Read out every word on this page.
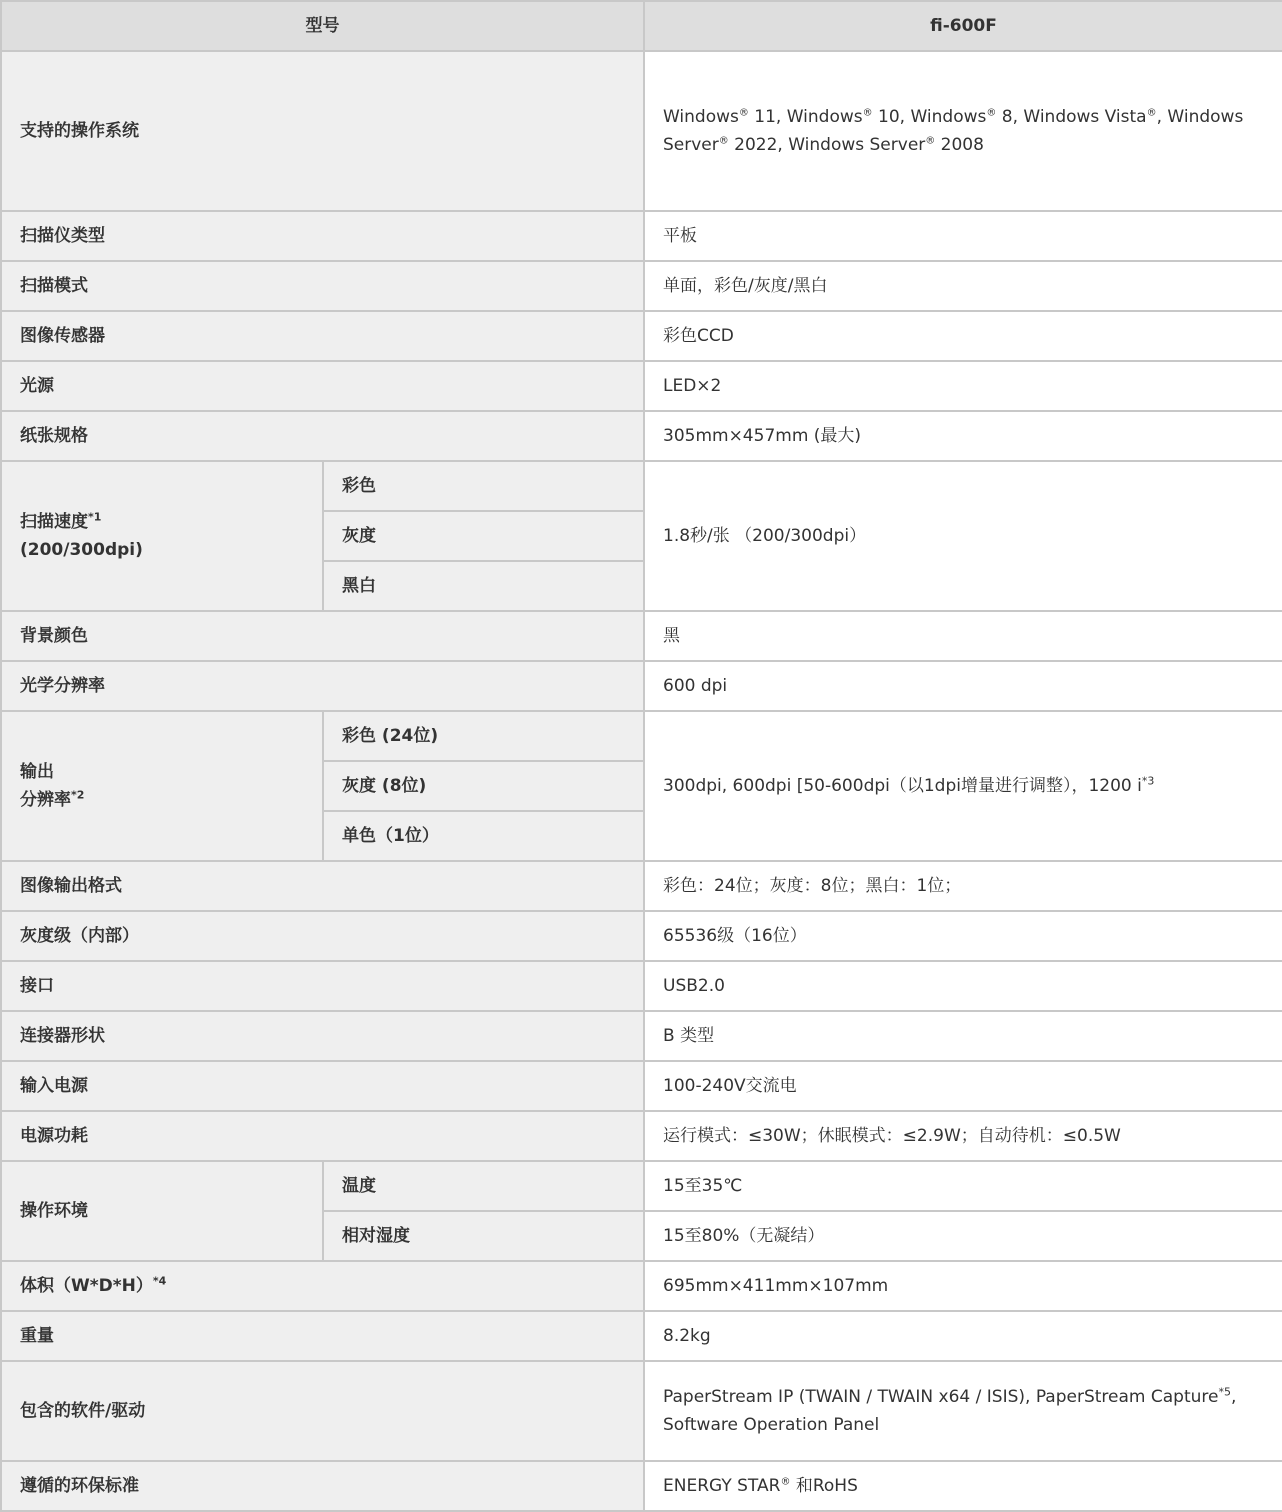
型号		fi-600F
支持的操作系统		Windows® 11, Windows® 10, Windows® 8, Windows Vista®, Windows Server® 2022, Windows Server® 2008
扫描仪类型		平板
扫描模式		单面，彩色/灰度/黑白
图像传感器		彩色CCD
光源		LED×2
纸张规格		305mm×457mm (最大)
扫描速度$^{*1}$
(200/300dpi)	彩色	1.8秒/张 （200/300dpi）
	灰度	
	黑白	
背景颜色		黑
光学分辨率		600 dpi

输出
分辨率$^{*2}$	彩色 (24位)	300dpi, 600dpi [50-600dpi（以1dpi增量进行调整），1200 $i^{*3}$
	灰度 (8位)	
	单色（1位）	
图像输出格式		彩色：24位；灰度：8位；黑白：1位；
灰度级（内部）		65536级（16位）
接口		USB2.0
连接器形状		B 类型
输入电源		100-240V交流电
电源功耗		运行模式：≤30W；休眠模式：≤2.9W；自动待机：≤0.5W
操作环境	温度	15至35℃
	相对湿度	15至80%（无凝结）
体积$(W*D*H)^{*4}$		695mm×411mm×107mm
重量		8.2kg
包含的软件/驱动		PaperStream IP (TWAIN / TWAIN x64 / ISIS), PaperStream Capture$^{*5}$,
Software Operation Panel

遵循的环保标准		ENERGY STAR® 和RoHS
